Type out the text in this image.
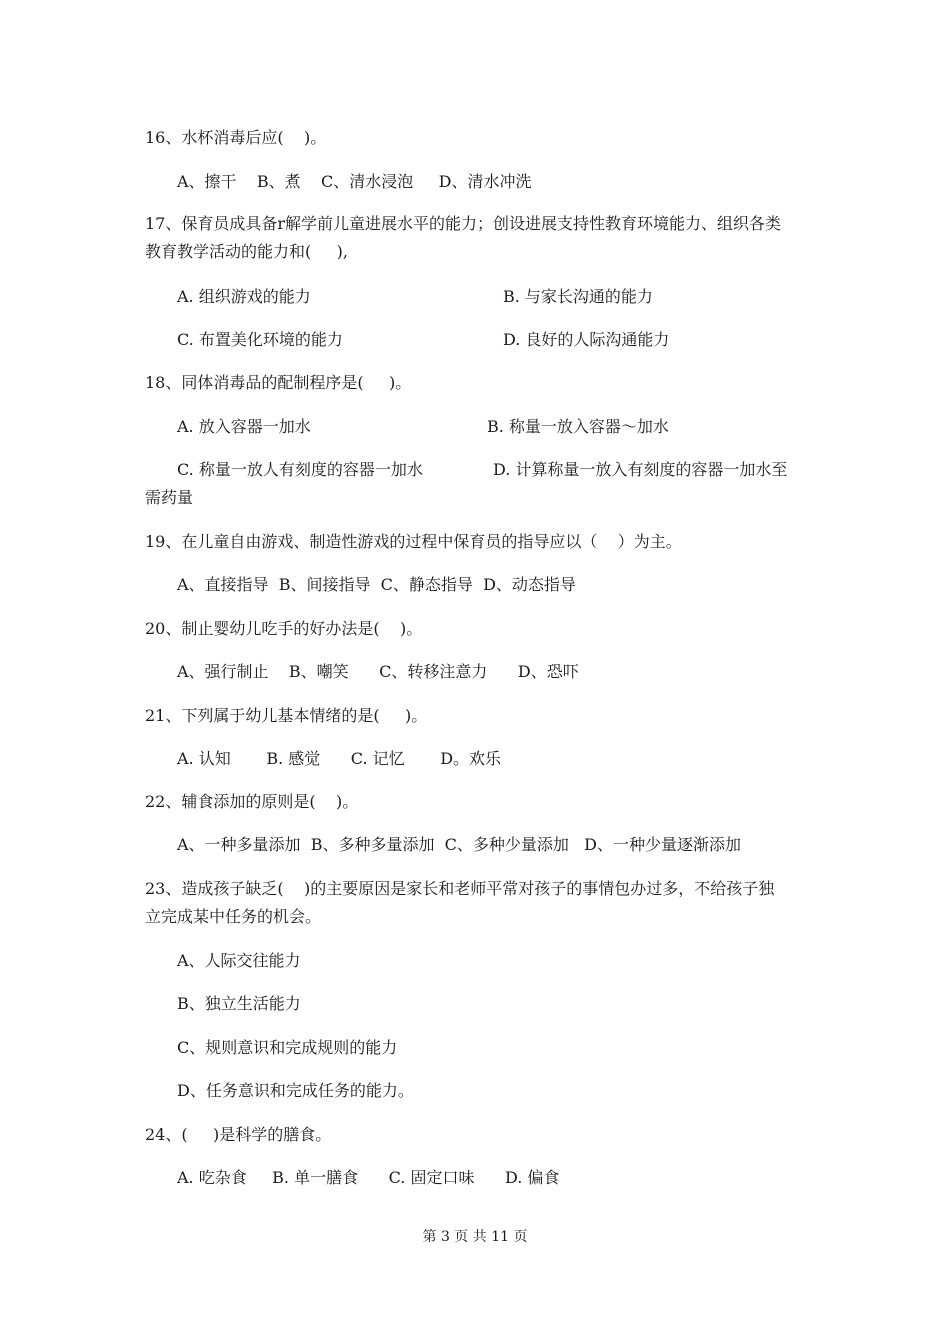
16、水杯消毒后应(    )。
A、擦干    B、煮    C、清水浸泡     D、清水冲洗
17、保育员成具备r解学前儿童进展水平的能力；创设进展支持性教育环境能力、组织各类
教育教学活动的能力和(     ),
A. 组织游戏的能力	B. 与家长沟通的能力
C. 布置美化环境的能力	D. 良好的人际沟通能力
18、同体消毒品的配制程序是(     )。
A. 放入容器一加水	B. 称量一放入容器～加水
C. 称量一放人有刻度的容器一加水	D. 计算称量一放入有刻度的容器一加水至
需药量
19、在儿童自由游戏、制造性游戏的过程中保育员的指导应以（    ）为主。
A、直接指导  B、间接指导  C、静态指导  D、动态指导
20、制止婴幼儿吃手的好办法是(    )。
A、强行制止    B、嘲笑      C、转移注意力      D、恐吓
21、下列属于幼儿基本情绪的是(     )。
A. 认知       B. 感觉      C. 记忆       D。欢乐
22、辅食添加的原则是(    )。
A、一种多量添加  B、多种多量添加  C、多种少量添加   D、一种少量逐渐添加
23、造成孩子缺乏(    )的主要原因是家长和老师平常对孩子的事情包办过多，不给孩子独
立完成某中任务的机会。
A、人际交往能力
B、独立生活能力
C、规则意识和完成规则的能力
D、任务意识和完成任务的能力。
24、(     )是科学的膳食。
A. 吃杂食     B. 单一膳食      C. 固定口味      D. 偏食
第 3 页 共 11 页
